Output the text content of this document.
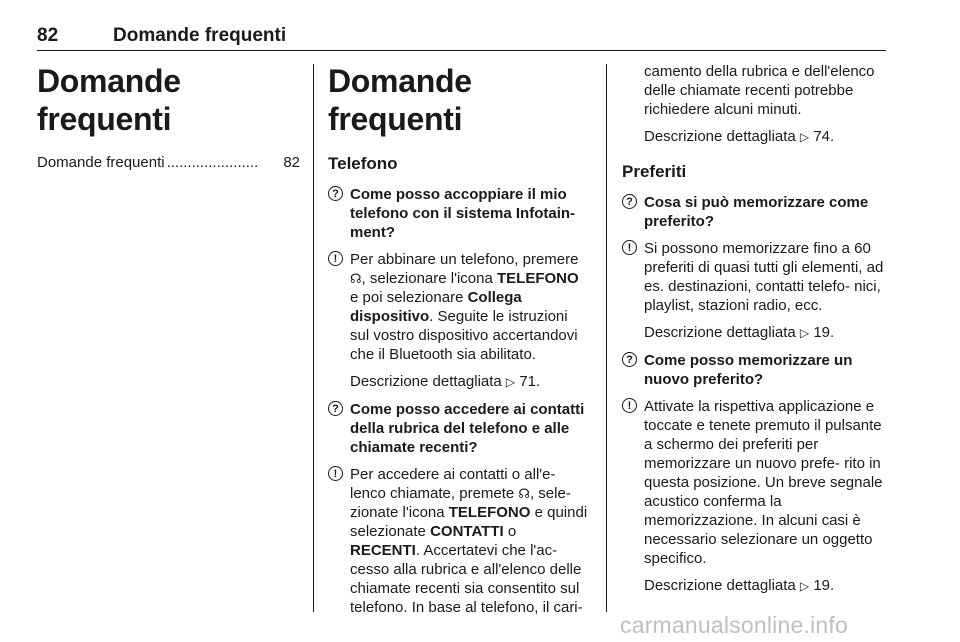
82	Domande frequenti
Domande frequenti
Domande frequenti ......................	82
Domande frequenti
Telefono
? Come posso accoppiare il mio telefono con il sistema Infotain- ment?
! Per abbinare un telefono, premere ☊, selezionare l'icona TELEFONO e poi selezionare Collega dispositivo. Seguite le istruzioni sul vostro dispositivo accertandovi che il Bluetooth sia abilitato.
Descrizione dettagliata ▷ 71.
? Come posso accedere ai contatti della rubrica del telefono e alle chiamate recenti?
! Per accedere ai contatti o all'e- lenco chiamate, premete ☊, sele- zionate l'icona TELEFONO e quindi selezionate CONTATTI o RECENTI. Accertatevi che l'ac- cesso alla rubrica e all'elenco delle chiamate recenti sia consentito sul telefono. In base al telefono, il cari-
camento della rubrica e dell'elenco delle chiamate recenti potrebbe richiedere alcuni minuti.
Descrizione dettagliata ▷ 74.
Preferiti
? Cosa si può memorizzare come preferito?
! Si possono memorizzare fino a 60 preferiti di quasi tutti gli elementi, ad es. destinazioni, contatti telefo- nici, playlist, stazioni radio, ecc.
Descrizione dettagliata ▷ 19.
? Come posso memorizzare un nuovo preferito?
! Attivate la rispettiva applicazione e toccate e tenete premuto il pulsante a schermo dei preferiti per memorizzare un nuovo prefe- rito in questa posizione. Un breve segnale acustico conferma la memorizzazione. In alcuni casi è necessario selezionare un oggetto specifico.
Descrizione dettagliata ▷ 19.
carmanualsonline.info
